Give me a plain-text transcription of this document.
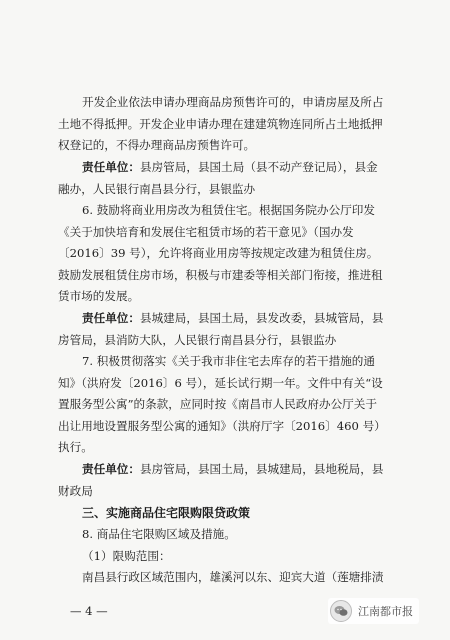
开发企业依法申请办理商品房预售许可的，申请房屋及所占
土地不得抵押。开发企业申请办理在建建筑物连同所占土地抵押
权登记的，不得办理商品房预售许可。
责任单位：县房管局，县国土局（县不动产登记局），县金
融办，人民银行南昌县分行，县银监办
6. 鼓励将商业用房改为租赁住宅。根据国务院办公厅印发
《关于加快培育和发展住宅租赁市场的若干意见》（国办发
〔2016〕39 号），允许将商业用房等按规定改建为租赁住房。
鼓励发展租赁住房市场，积极与市建委等相关部门衔接，推进租
赁市场的发展。
责任单位：县城建局，县国土局，县发改委，县城管局，县
房管局，县消防大队，人民银行南昌县分行，县银监办
7. 积极贯彻落实《关于我市非住宅去库存的若干措施的通
知》（洪府发〔2016〕6 号），延长试行期一年。文件中有关“设
置服务型公寓”的条款，应同时按《南昌市人民政府办公厅关于
出让用地设置服务型公寓的通知》（洪府厅字〔2016〕460 号）
执行。
责任单位：县房管局，县国土局，县城建局，县地税局，县
财政局
三、实施商品住宅限购限贷政策
8. 商品住宅限购区域及措施。
（1）限购范围：
南昌县行政区域范围内，雄溪河以东、迎宾大道（莲塘排渍
— 4 —	江南都市报
